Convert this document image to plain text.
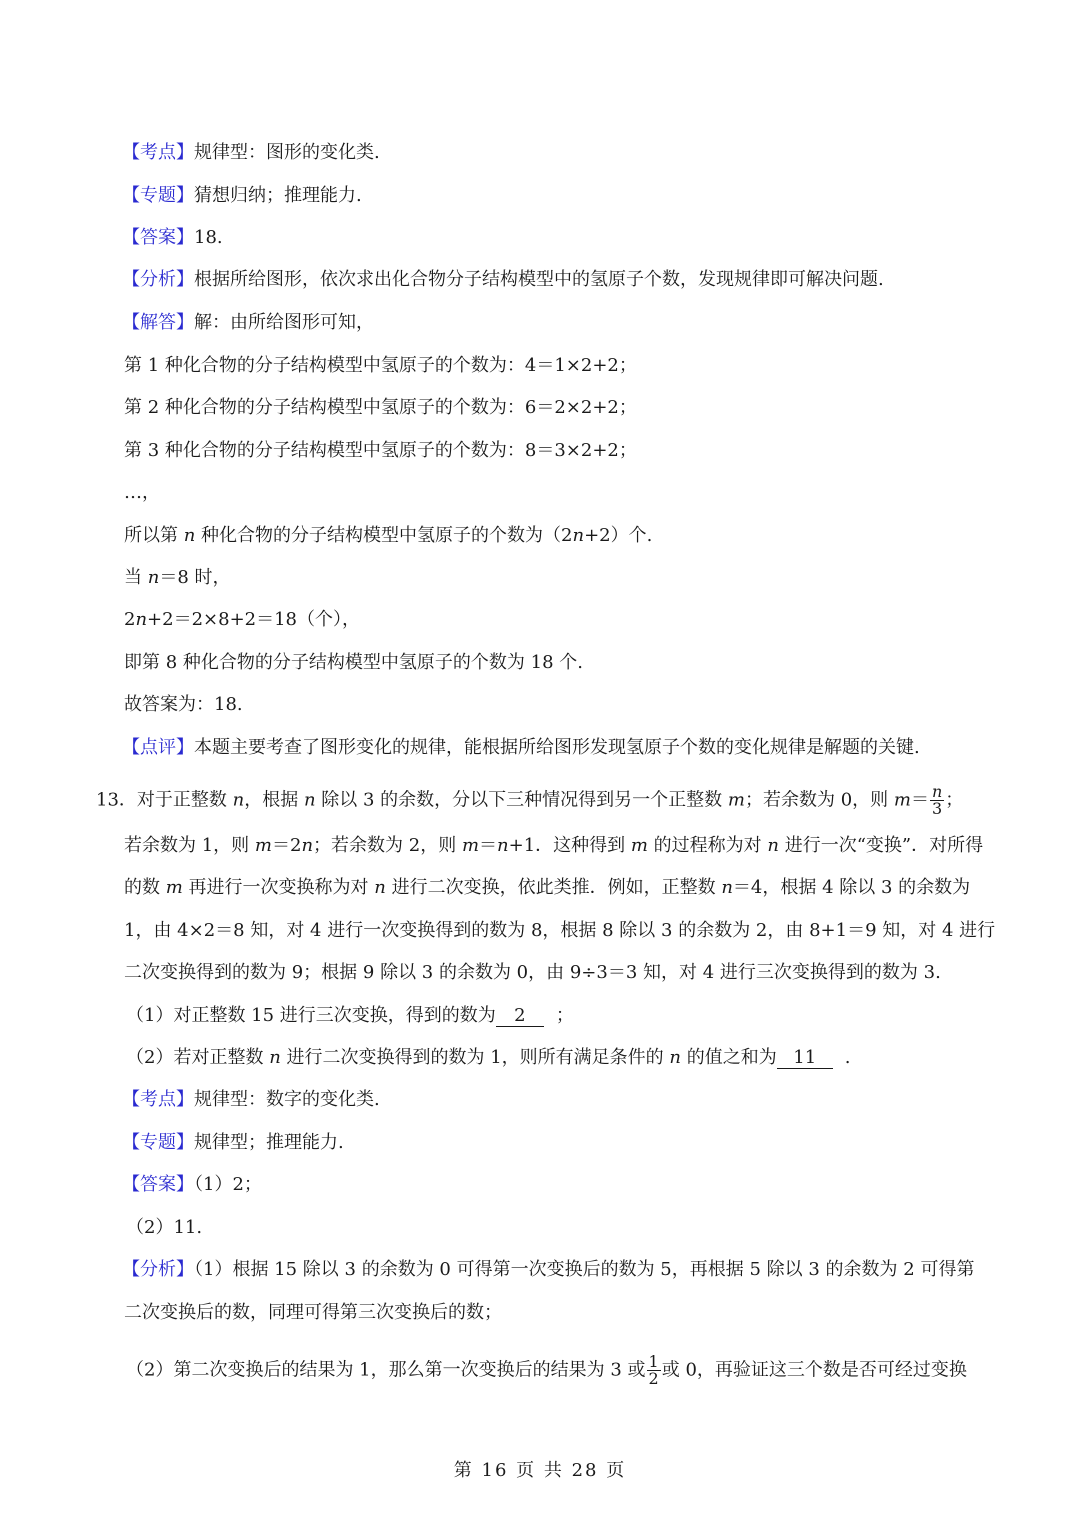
【考点】规律型：图形的变化类.
【专题】猜想归纳；推理能力.
【答案】18.
【分析】根据所给图形，依次求出化合物分子结构模型中的氢原子个数，发现规律即可解决问题.
【解答】解：由所给图形可知，
第 1 种化合物的分子结构模型中氢原子的个数为：4＝1×2+2；
第 2 种化合物的分子结构模型中氢原子的个数为：6＝2×2+2；
第 3 种化合物的分子结构模型中氢原子的个数为：8＝3×2+2；
…，
所以第 n 种化合物的分子结构模型中氢原子的个数为（2n+2）个.
当 n＝8 时，
2n+2＝2×8+2＝18（个），
即第 8 种化合物的分子结构模型中氢原子的个数为 18 个.
故答案为：18.
【点评】本题主要考查了图形变化的规律，能根据所给图形发现氢原子个数的变化规律是解题的关键.
13．对于正整数 n，根据 n 除以 3 的余数，分以下三种情况得到另一个正整数 m；若余数为 0，则 $m= \frac{n}{3}$ ；
若余数为 1，则 m＝2n；若余数为 2，则 m＝n+1．这种得到 m 的过程称为对 n 进行一次“变换”．对所得
的数 m 再进行一次变换称为对 n 进行二次变换，依此类推．例如，正整数 n＝4，根据 4 除以 3 的余数为
1，由 4×2＝8 知，对 4 进行一次变换得到的数为 8，根据 8 除以 3 的余数为 2，由 8+1＝9 知，对 4 进行
二次变换得到的数为 9；根据 9 除以 3 的余数为 0，由 9÷3＝3 知，对 4 进行三次变换得到的数为 3.
（1）对正整数 15 进行三次变换，得到的数为 2 ；
（2）若对正整数 n 进行二次变换得到的数为 1，则所有满足条件的 n 的值之和为 11 .
【考点】规律型：数字的变化类.
【专题】规律型；推理能力.
【答案】（1）2；
（2）11.
【分析】（1）根据 15 除以 3 的余数为 0 可得第一次变换后的数为 5，再根据 5 除以 3 的余数为 2 可得第
二次变换后的数，同理可得第三次变换后的数；
（2）第二次变换后的结果为 1，那么第一次变换后的结果为 3 或 $\frac{1}{2}$ 或 0，再验证这三个数是否可经过变换
第 16 页 共 28 页
